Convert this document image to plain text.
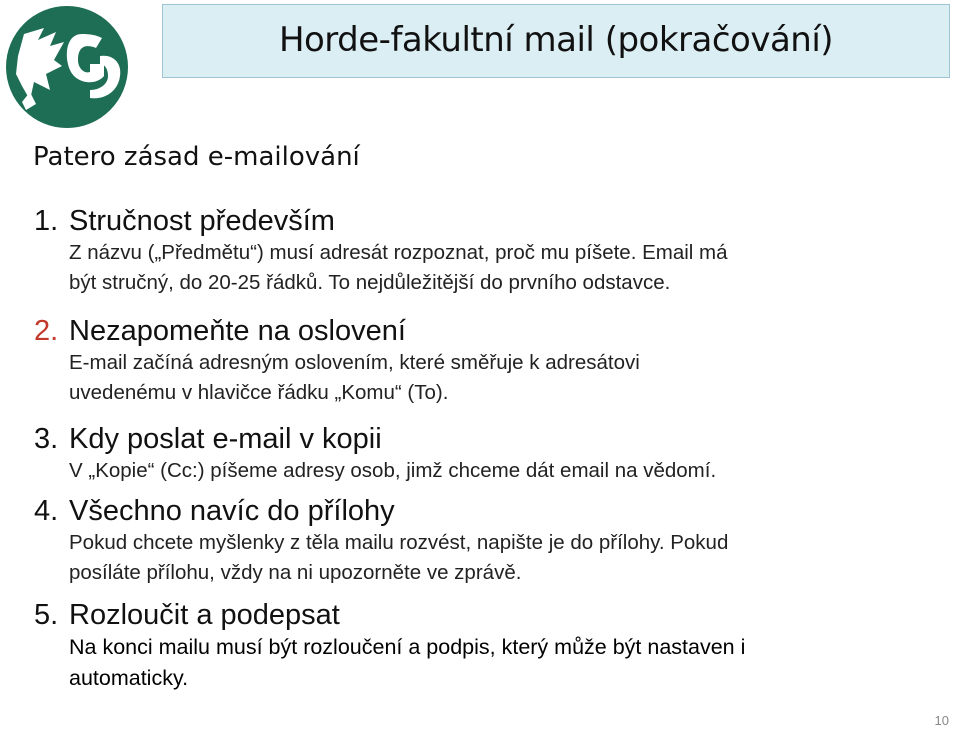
Horde-fakultní mail (pokračování)
Patero zásad e-mailování
1. Stručnost především
Z názvu („Předmětu“) musí adresát rozpoznat, proč mu píšete. Email má
být stručný, do 20-25 řádků. To nejdůležitější do prvního odstavce.
2. Nezapomeňte na oslovení
E-mail začíná adresným oslovením, které směřuje k adresátovi
uvedenému v hlavičce řádku „Komu“ (To).
3. Kdy poslat e-mail v kopii
V „Kopie“ (Cc:) píšeme adresy osob, jimž chceme dát email na vědomí.
4. Všechno navíc do přílohy
Pokud chcete myšlenky z těla mailu rozvést, napište je do přílohy. Pokud
posíláte přílohu, vždy na ni upozorněte ve zprávě.
5. Rozloučit a podepsat
Na konci mailu musí být rozloučení a podpis, který může být nastaven i
automaticky.
10
